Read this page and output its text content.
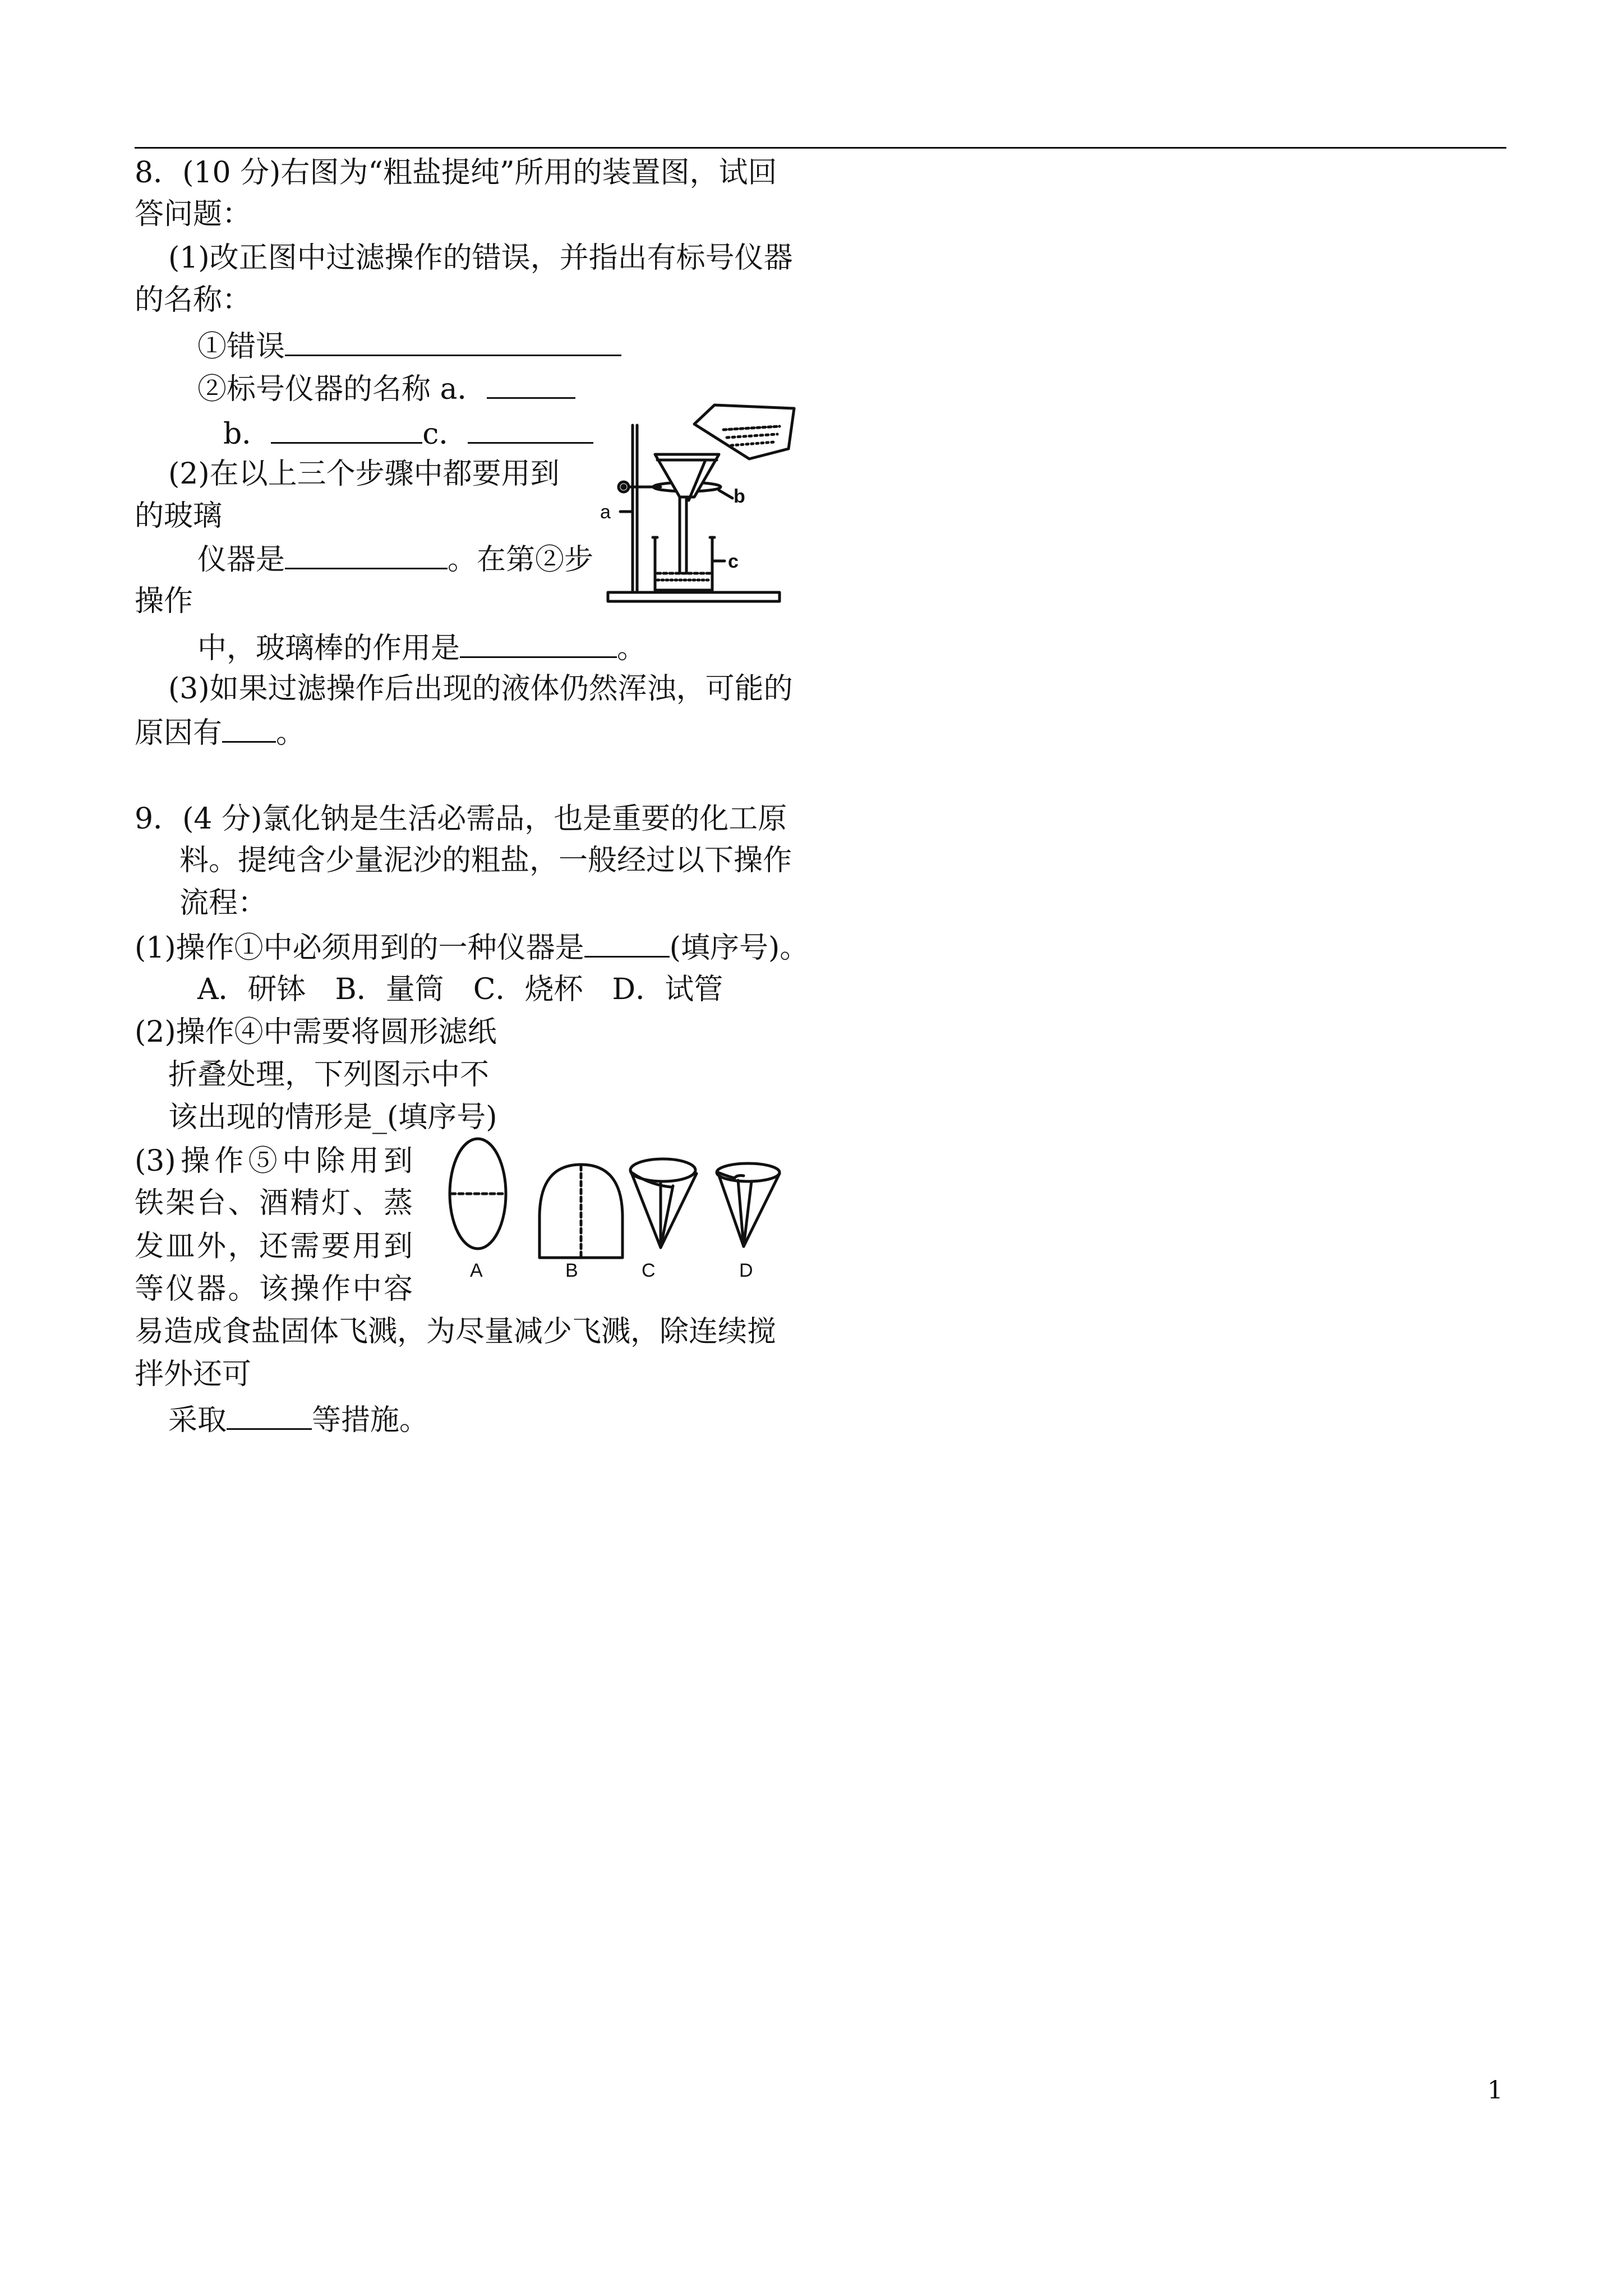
8．(10 分)右图为“粗盐提纯”所用的装置图，试回
答问题：
(1)改正图中过滤操作的错误，并指出有标号仪器
的名称：
①错误
②标号仪器的名称 a．
b．	c．
(2)在以上三个步骤中都要用到
的玻璃
仪器是	。在第②步
操作
中，玻璃棒的作用是	。
(3)如果过滤操作后出现的液体仍然浑浊，可能的
原因有 。
a
b
c
9．(4 分)氯化钠是生活必需品，也是重要的化工原
料。提纯含少量泥沙的粗盐，一般经过以下操作
流程：
(1)操作①中必须用到的一种仪器是	(填序号)。
A．研钵　B．量筒　C．烧杯　D．试管
(2)操作④中需要将圆形滤纸
折叠处理，下列图示中不
该出现的情形是_(填序号)
(3)操作⑤中除用到
铁架台、酒精灯、蒸
发皿外，还需要用到
等仪器。该操作中容
易造成食盐固体飞溅，为尽量减少飞溅，除连续搅
拌外还可
采取	等措施。
A	B	C	D
1
